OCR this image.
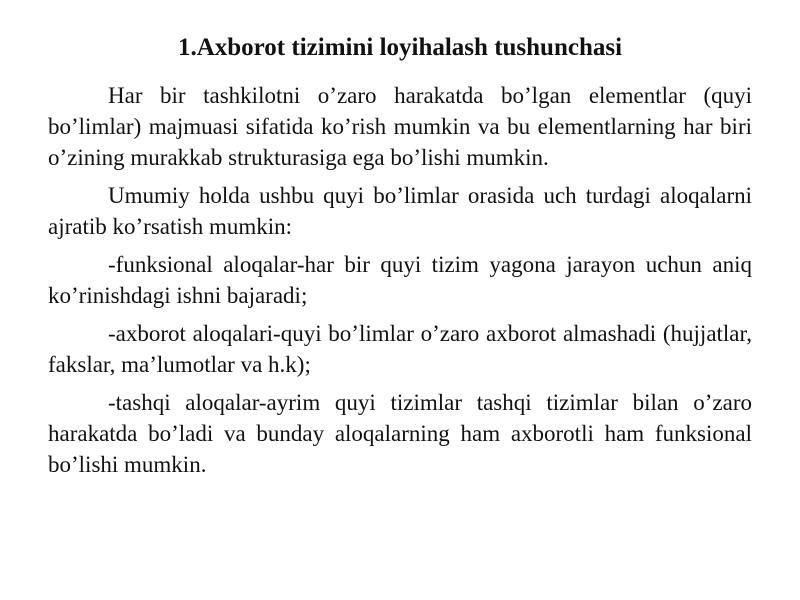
1.Axborot tizimini loyihalash tushunchasi

Har bir tashkilotni o’zaro harakatda bo’lgan elementlar (quyi bo’limlar) majmuasi sifatida ko’rish mumkin va bu elementlarning har biri o’zining murakkab strukturasiga ega bo’lishi mumkin.

Umumiy holda ushbu quyi bo’limlar orasida uch turdagi aloqalarni ajratib ko’rsatish mumkin:

-funksional aloqalar-har bir quyi tizim yagona jarayon uchun aniq ko’rinishdagi ishni bajaradi;

-axborot aloqalari-quyi bo’limlar o’zaro axborot almashadi (hujjatlar, fakslar, ma’lumotlar va h.k);

-tashqi aloqalar-ayrim quyi tizimlar tashqi tizimlar bilan o’zaro harakatda bo’ladi va bunday aloqalarning ham axborotli ham funksional bo’lishi mumkin.
